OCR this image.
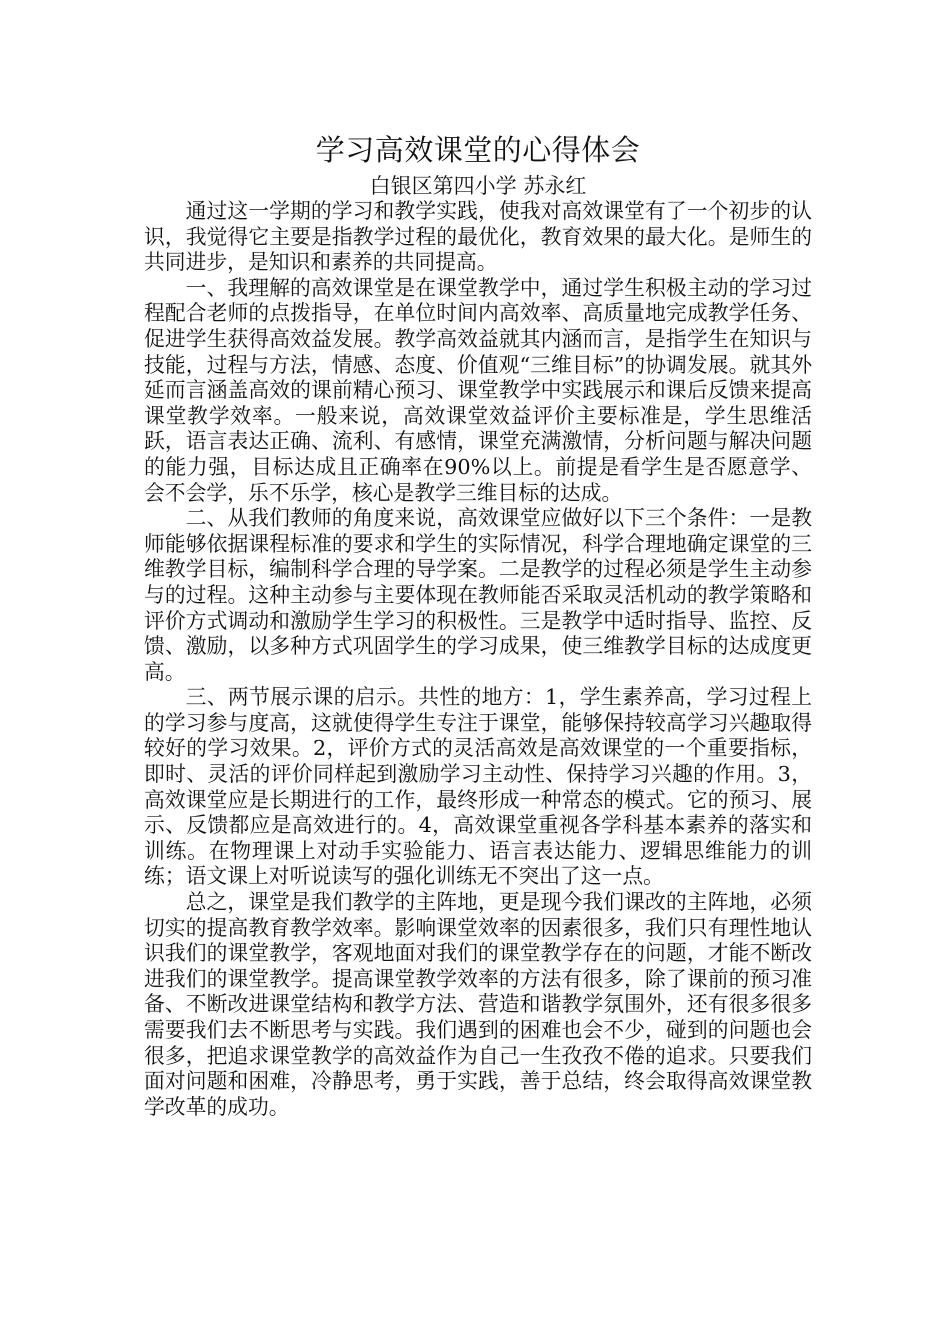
学习高效课堂的心得体会

白银区第四小学 苏永红

通过这一学期的学习和教学实践，使我对高效课堂有了一个初步的认识，我觉得它主要是指教学过程的最优化，教育效果的最大化。是师生的共同进步，是知识和素养的共同提高。

一、我理解的高效课堂是在课堂教学中，通过学生积极主动的学习过程配合老师的点拨指导，在单位时间内高效率、高质量地完成教学任务、促进学生获得高效益发展。教学高效益就其内涵而言，是指学生在知识与技能，过程与方法，情感、态度、价值观“三维目标”的协调发展。就其外延而言涵盖高效的课前精心预习、课堂教学中实践展示和课后反馈来提高课堂教学效率。一般来说，高效课堂效益评价主要标准是，学生思维活跃，语言表达正确、流利、有感情，课堂充满激情，分析问题与解决问题的能力强，目标达成且正确率在90%以上。前提是看学生是否愿意学、会不会学，乐不乐学，核心是教学三维目标的达成。

二、从我们教师的角度来说，高效课堂应做好以下三个条件：一是教师能够依据课程标准的要求和学生的实际情况，科学合理地确定课堂的三维教学目标，编制科学合理的导学案。二是教学的过程必须是学生主动参与的过程。这种主动参与主要体现在教师能否采取灵活机动的教学策略和评价方式调动和激励学生学习的积极性。三是教学中适时指导、监控、反馈、激励，以多种方式巩固学生的学习成果，使三维教学目标的达成度更高。

三、两节展示课的启示。共性的地方：1，学生素养高，学习过程上的学习参与度高，这就使得学生专注于课堂，能够保持较高学习兴趣取得较好的学习效果。2，评价方式的灵活高效是高效课堂的一个重要指标，即时、灵活的评价同样起到激励学习主动性、保持学习兴趣的作用。3，高效课堂应是长期进行的工作，最终形成一种常态的模式。它的预习、展示、反馈都应是高效进行的。4，高效课堂重视各学科基本素养的落实和训练。在物理课上对动手实验能力、语言表达能力、逻辑思维能力的训练；语文课上对听说读写的强化训练无不突出了这一点。

总之，课堂是我们教学的主阵地，更是现今我们课改的主阵地，必须切实的提高教育教学效率。影响课堂效率的因素很多，我们只有理性地认识我们的课堂教学，客观地面对我们的课堂教学存在的问题，才能不断改进我们的课堂教学。提高课堂教学效率的方法有很多，除了课前的预习准备、不断改进课堂结构和教学方法、营造和谐教学氛围外，还有很多很多需要我们去不断思考与实践。我们遇到的困难也会不少，碰到的问题也会很多，把追求课堂教学的高效益作为自己一生孜孜不倦的追求。只要我们面对问题和困难，冷静思考，勇于实践，善于总结，终会取得高效课堂教学改革的成功。
